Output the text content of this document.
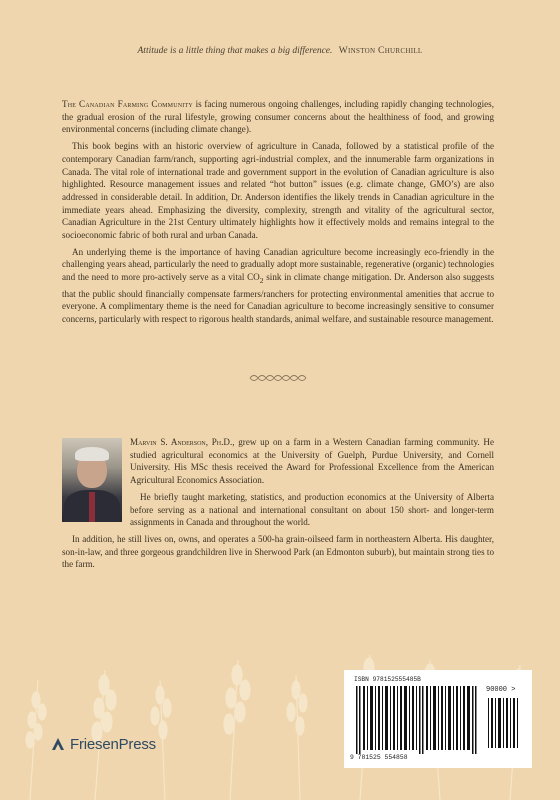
Attitude is a little thing that makes a big difference. Winston Churchill

The Canadian Farming Community is facing numerous ongoing challenges, including rapidly changing technologies, the gradual erosion of the rural lifestyle, growing consumer concerns about the healthiness of food, and growing environmental concerns (including climate change).

This book begins with an historic overview of agriculture in Canada, followed by a statistical profile of the contemporary Canadian farm/ranch, supporting agri-industrial complex, and the innumerable farm organizations in Canada. The vital role of international trade and government support in the evolution of Canadian agriculture is also highlighted. Resource management issues and related “hot button” issues (e.g. climate change, GMO’s) are also addressed in considerable detail. In addition, Dr. Anderson identifies the likely trends in Canadian agriculture in the immediate years ahead. Emphasizing the diversity, complexity, strength and vitality of the agricultural sector, Canadian Agriculture in the 21st Century ultimately highlights how it effectively molds and remains integral to the socioeconomic fabric of both rural and urban Canada.

An underlying theme is the importance of having Canadian agriculture become increasingly eco-friendly in the challenging years ahead, particularly the need to gradually adopt more sustainable, regenerative (organic) technologies and the need to more pro-actively serve as a vital $CO_2$ sink in climate change mitigation. Dr. Anderson also suggests that the public should financially compensate farmers/ranchers for protecting environmental amenities that accrue to everyone. A complimentary theme is the need for Canadian agriculture to become increasingly sensitive to consumer concerns, particularly with respect to rigorous health standards, animal welfare, and sustainable resource management.

Marvin S. Anderson, Ph.D., grew up on a farm in a Western Canadian farming community. He studied agricultural economics at the University of Guelph, Purdue University, and Cornell University. His MSc thesis received the Award for Professional Excellence from the American Agricultural Economics Association.

He briefly taught marketing, statistics, and production economics at the University of Alberta before serving as a national and international consultant on about 150 short- and longer-term assignments in Canada and throughout the world.

In addition, he still lives on, owns, and operates a 500-ha grain-oilseed farm in northeastern Alberta. His daughter, son-in-law, and three gorgeous grandchildren live in Sherwood Park (an Edmonton suburb), but maintain strong ties to the farm.

FriesenPress
ISBN 978152555485B
90000 >
9 781525 554858
